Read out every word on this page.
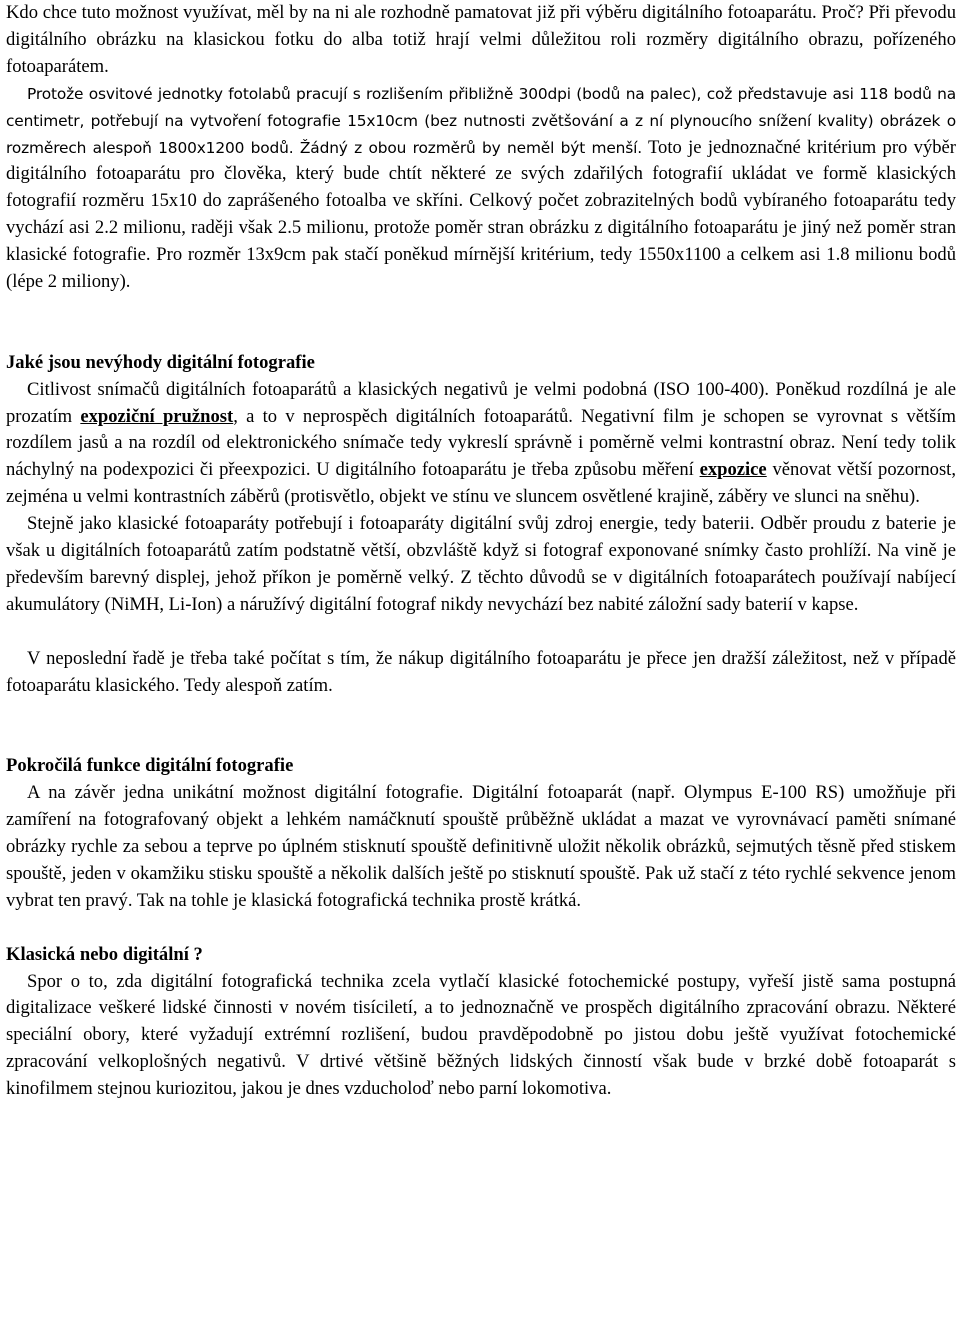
Kdo chce tuto možnost využívat, měl by na ni ale rozhodně pamatovat již při výběru digitálního fotoaparátu. Proč? Při převodu digitálního obrázku na klasickou fotku do alba totiž hrají velmi důležitou roli rozměry digitálního obrazu, pořízeného fotoaparátem.

Protože osvitové jednotky fotolabů pracují s rozlišením přibližně 300dpi (bodů na palec), což představuje asi 118 bodů na centimetr, potřebují na vytvoření fotografie 15x10cm (bez nutnosti zvětšování a z ní plynoucího snížení kvality) obrázek o rozměrech alespoň 1800x1200 bodů. Žádný z obou rozměrů by neměl být menší. Toto je jednoznačné kritérium pro výběr digitálního fotoaparátu pro člověka, který bude chtít některé ze svých zdařilých fotografií ukládat ve formě klasických fotografií rozměru 15x10 do zaprášeného fotoalba ve skříni. Celkový počet zobrazitelných bodů vybíraného fotoaparátu tedy vychází asi 2.2 milionu, raději však 2.5 milionu, protože poměr stran obrázku z digitálního fotoaparátu je jiný než poměr stran klasické fotografie. Pro rozměr 13x9cm pak stačí poněkud mírnější kritérium, tedy 1550x1100 a celkem asi 1.8 milionu bodů (lépe 2 miliony).

Jaké jsou nevýhody digitální fotografie

Citlivost snímačů digitálních fotoaparátů a klasických negativů je velmi podobná (ISO 100-400). Poněkud rozdílná je ale prozatím expoziční pružnost, a to v neprospěch digitálních fotoaparátů. Negativní film je schopen se vyrovnat s větším rozdílem jasů a na rozdíl od elektronického snímače tedy vykreslí správně i poměrně velmi kontrastní obraz. Není tedy tolik náchylný na podexpozici či přeexpozici. U digitálního fotoaparátu je třeba způsobu měření expozice věnovat větší pozornost, zejména u velmi kontrastních záběrů (protisvětlo, objekt ve stínu ve sluncem osvětlené krajině, záběry ve slunci na sněhu).

Stejně jako klasické fotoaparáty potřebují i fotoaparáty digitální svůj zdroj energie, tedy baterii. Odběr proudu z baterie je však u digitálních fotoaparátů zatím podstatně větší, obzvláště když si fotograf exponované snímky často prohlíží. Na vině je především barevný displej, jehož příkon je poměrně velký. Z těchto důvodů se v digitálních fotoaparátech používají nabíjecí akumulátory (NiMH, Li-Ion) a náružívý digitální fotograf nikdy nevychází bez nabité záložní sady baterií v kapse.

V neposlední řadě je třeba také počítat s tím, že nákup digitálního fotoaparátu je přece jen dražší záležitost, než v případě fotoaparátu klasického. Tedy alespoň zatím.

Pokročilá funkce digitální fotografie

A na závěr jedna unikátní možnost digitální fotografie. Digitální fotoaparát (např. Olympus E-100 RS) umožňuje při zamíření na fotografovaný objekt a lehkém namáčknutí spouště průběžně ukládat a mazat ve vyrovnávací paměti snímané obrázky rychle za sebou a teprve po úplném stisknutí spouště definitivně uložit několik obrázků, sejmutých těsně před stiskem spouště, jeden v okamžiku stisku spouště a několik dalších ještě po stisknutí spouště. Pak už stačí z této rychlé sekvence jenom vybrat ten pravý. Tak na tohle je klasická fotografická technika prostě krátká.

Klasická nebo digitální ?

Spor o to, zda digitální fotografická technika zcela vytlačí klasické fotochemické postupy, vyřeší jistě sama postupná digitalizace veškeré lidské činnosti v novém tisíciletí, a to jednoznačně ve prospěch digitálního zpracování obrazu. Některé speciální obory, které vyžadují extrémní rozlišení, budou pravděpodobně po jistou dobu ještě využívat fotochemické zpracování velkoplošných negativů. V drtivé většině běžných lidských činností však bude v brzké době fotoaparát s kinofilmem stejnou kuriozitou, jakou je dnes vzducholoď nebo parní lokomotiva.
